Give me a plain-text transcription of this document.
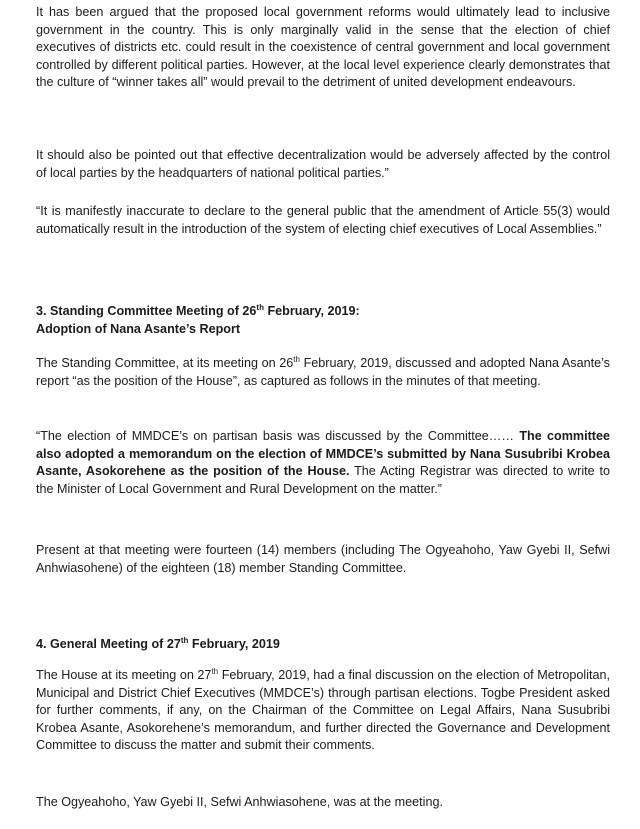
It has been argued that the proposed local government reforms would ultimately lead to inclusive government in the country. This is only marginally valid in the sense that the election of chief executives of districts etc. could result in the coexistence of central government and local government controlled by different political parties. However, at the local level experience clearly demonstrates that the culture of “winner takes all” would prevail to the detriment of united development endeavours.

It should also be pointed out that effective decentralization would be adversely affected by the control of local parties by the headquarters of national political parties.”

“It is manifestly inaccurate to declare to the general public that the amendment of Article 55(3) would automatically result in the introduction of the system of electing chief executives of Local Assemblies.”

3. Standing Committee Meeting of 26th February, 2019:
Adoption of Nana Asante’s Report

The Standing Committee, at its meeting on 26th February, 2019, discussed and adopted Nana Asante’s report “as the position of the House”, as captured as follows in the minutes of that meeting.

“The election of MMDCE’s on partisan basis was discussed by the Committee…… The committee also adopted a memorandum on the election of MMDCE’s submitted by Nana Susubribi Krobea Asante, Asokorehene as the position of the House. The Acting Registrar was directed to write to the Minister of Local Government and Rural Development on the matter.”

Present at that meeting were fourteen (14) members (including The Ogyeahoho, Yaw Gyebi II, Sefwi Anhwiasohene) of the eighteen (18) member Standing Committee.

4. General Meeting of 27th February, 2019

The House at its meeting on 27th February, 2019, had a final discussion on the election of Metropolitan, Municipal and District Chief Executives (MMDCE’s) through partisan elections. Togbe President asked for further comments, if any, on the Chairman of the Committee on Legal Affairs, Nana Susubribi Krobea Asante, Asokorehene’s memorandum, and further directed the Governance and Development Committee to discuss the matter and submit their comments.

The Ogyeahoho, Yaw Gyebi II, Sefwi Anhwiasohene, was at the meeting.
